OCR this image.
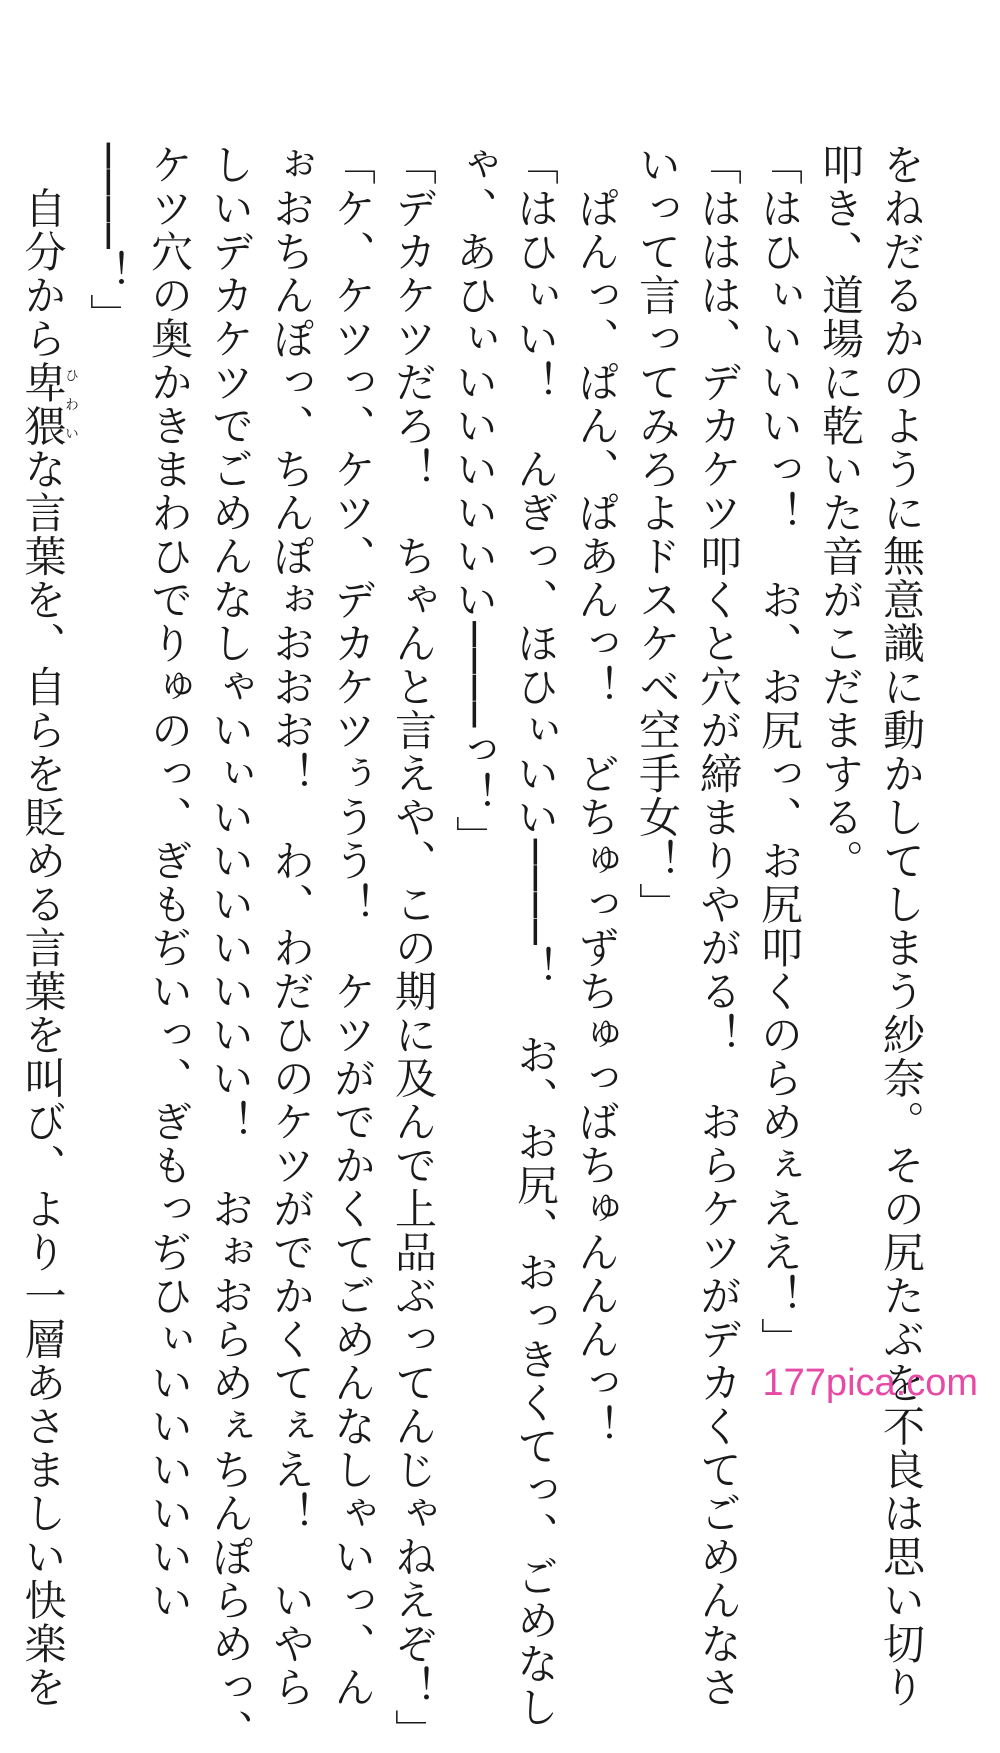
をねだるかのように無意識に動かしてしまう紗奈。その尻たぶを不良は思い切り
叩き、道場に乾いた音がこだまする。
「はひぃいいいっ！　お、お尻っ、お尻叩くのらめぇええ！」
「ははは、デカケツ叩くと穴が締まりやがる！　おらケツがデカくてごめんなさ
いって言ってみろよドスケベ空手女！」
　ぱんっ、ぱん、ぱあんっ！　どちゅっずちゅっばちゅんんんっ！
「はひぃい！　んぎっ、ほひぃいい────！　お、お尻、おっきくてっ、ごめなし
ゃ、あひぃいいいいいい────っ！」
「デカケツだろ！　ちゃんと言えや、この期に及んで上品ぶってんじゃねえぞ！」
「ケ、ケツっ、ケツ、デカケツぅうう！　ケツがでかくてごめんなしゃいっ、ん
ぉおちんぽっ、ちんぽぉおおお！　わ、わだひのケツがでかくてぇえ！　いやら
しいデカケツでごめんなしゃいぃいいいいいいい！　おぉおらめぇちんぽらめっ、
ケツ穴の奥かきまわひでりゅのっ、ぎもぢいっ、ぎもっぢひぃいいいいいい
────！」
　自分から卑猥ひわいな言葉を、自らを貶める言葉を叫び、より一層あさましい快楽を	177pica.com
